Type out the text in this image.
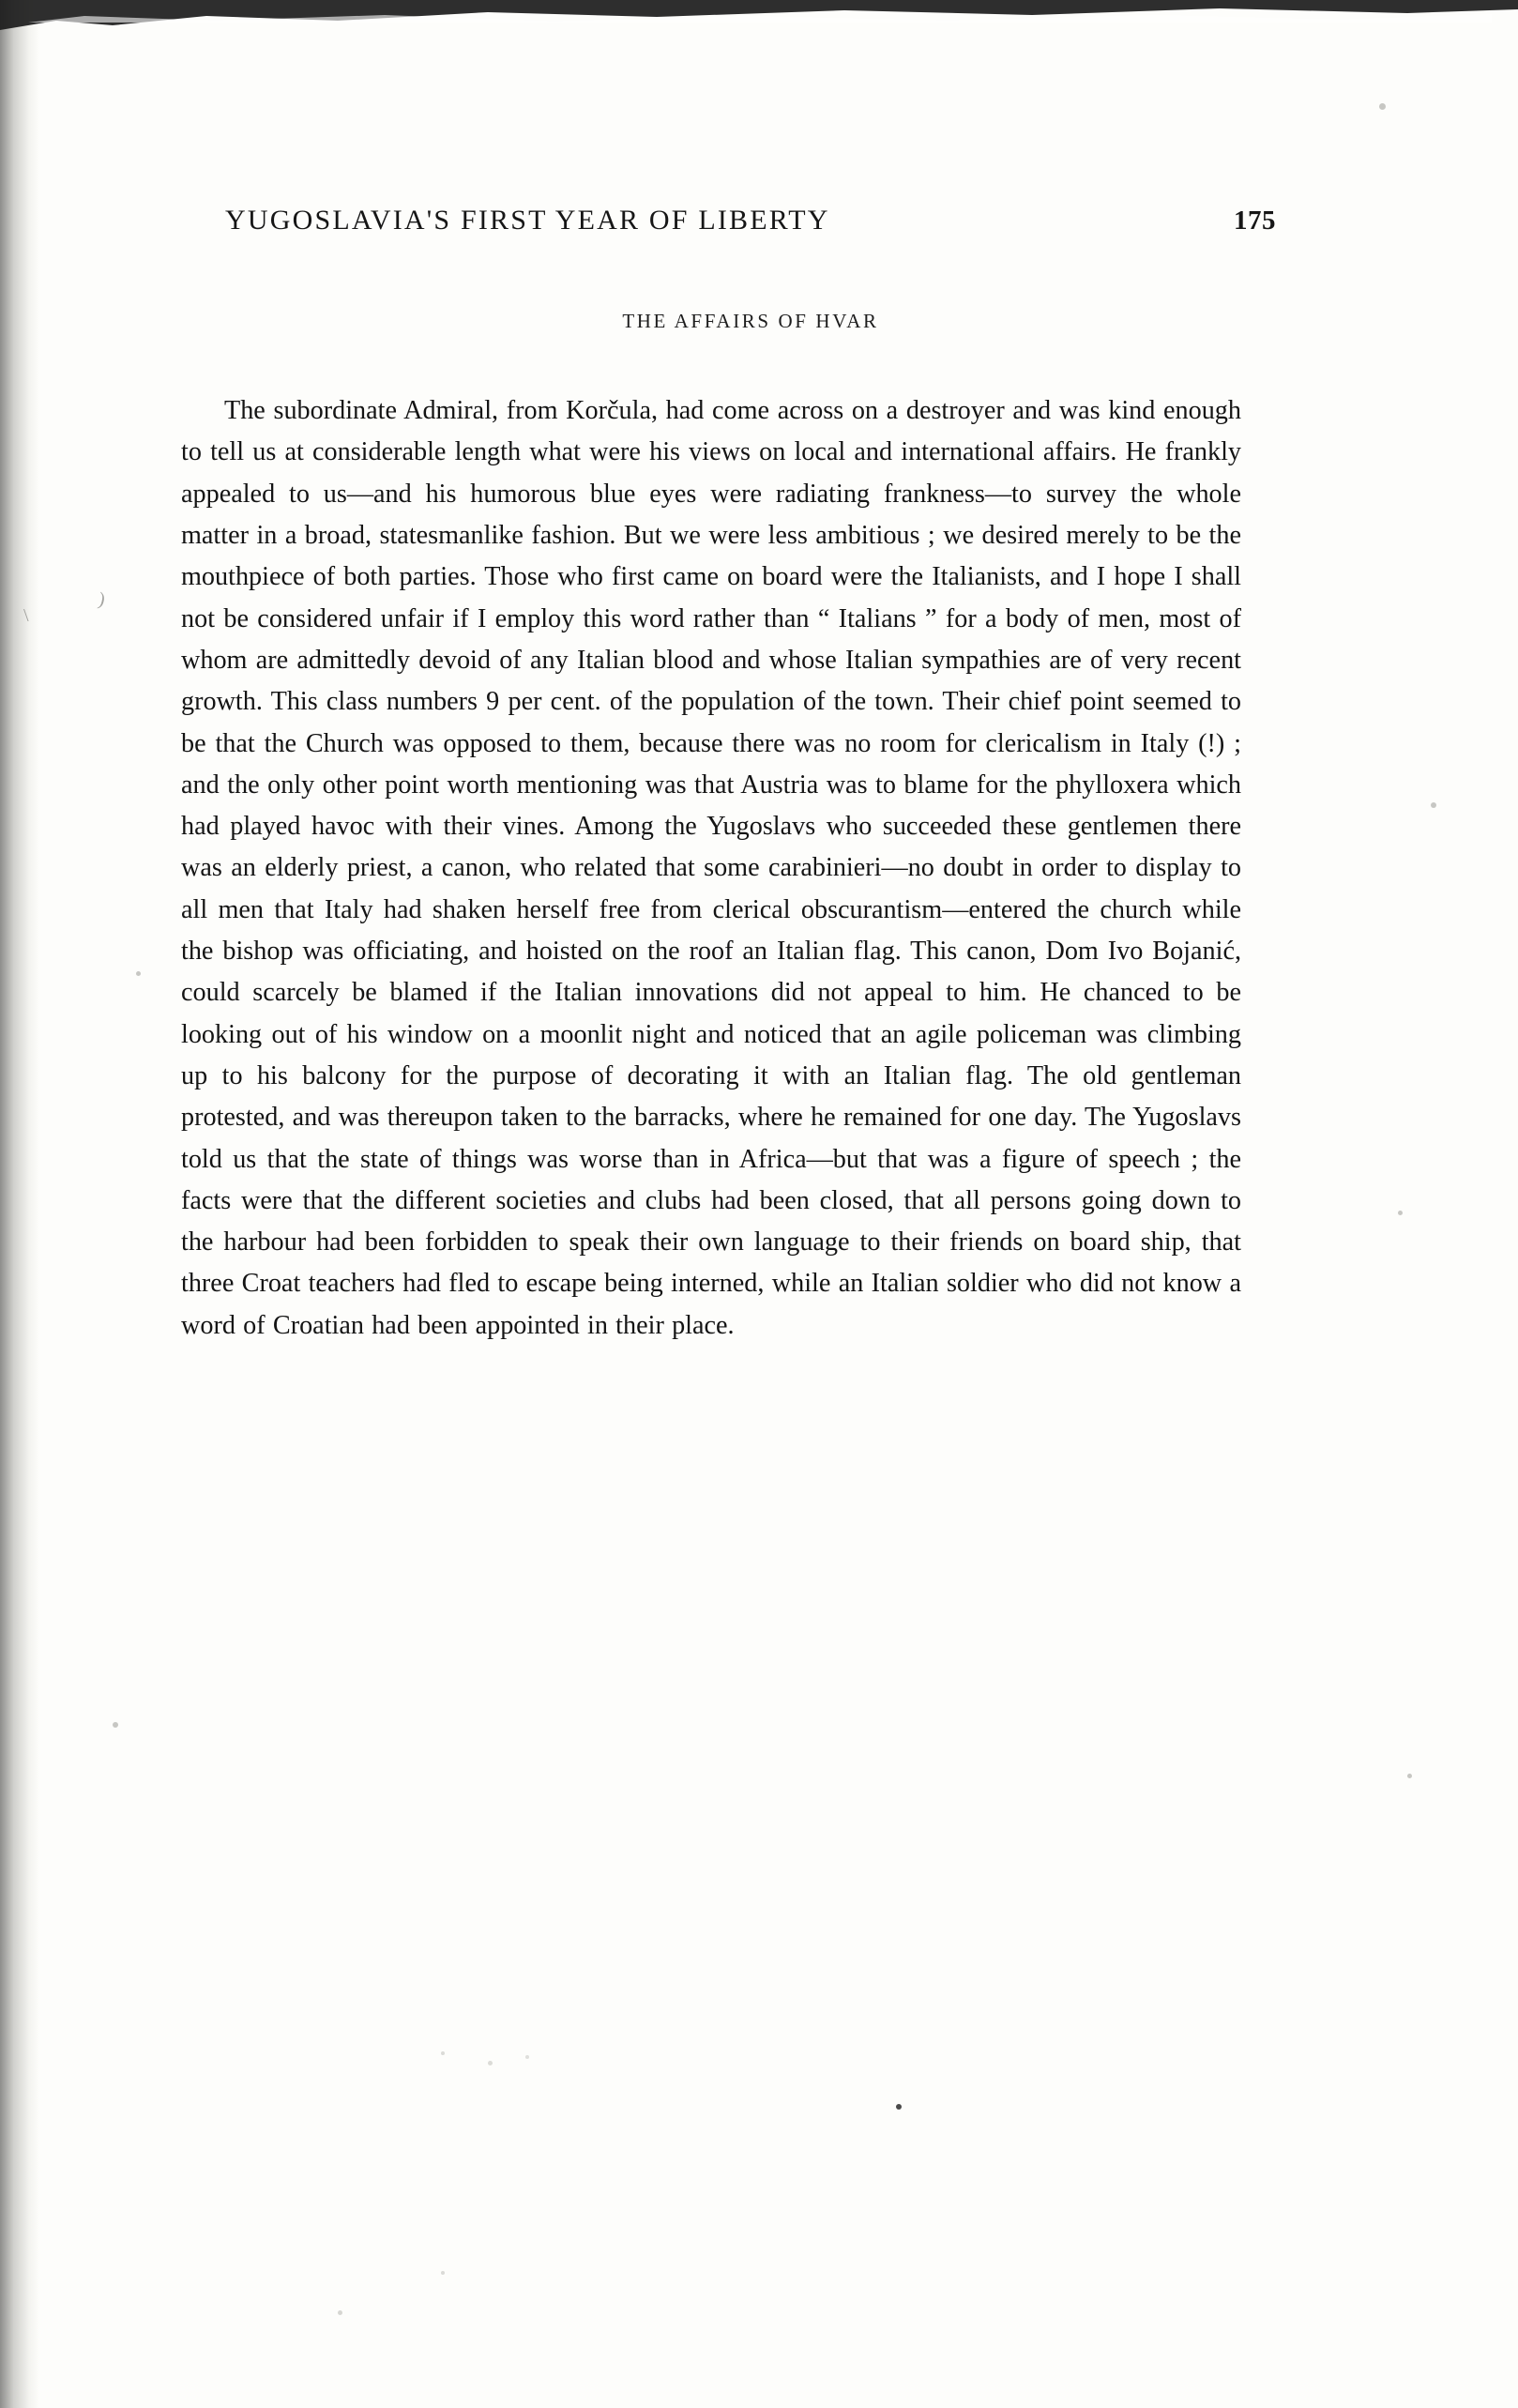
YUGOSLAVIA'S FIRST YEAR OF LIBERTY	175
THE AFFAIRS OF HVAR

The subordinate Admiral, from Korčula, had come across on a destroyer and was kind enough to tell us at considerable length what were his views on local and international affairs. He frankly appealed to us—and his humorous blue eyes were radiating frankness—to survey the whole matter in a broad, statesmanlike fashion. But we were less ambitious ; we desired merely to be the mouthpiece of both parties. Those who first came on board were the Italianists, and I hope I shall not be considered unfair if I employ this word rather than “ Italians ” for a body of men, most of whom are admittedly devoid of any Italian blood and whose Italian sympathies are of very recent growth. This class numbers 9 per cent. of the population of the town. Their chief point seemed to be that the Church was opposed to them, because there was no room for clericalism in Italy (!) ; and the only other point worth mentioning was that Austria was to blame for the phylloxera which had played havoc with their vines. Among the Yugoslavs who succeeded these gentlemen there was an elderly priest, a canon, who related that some carabinieri—no doubt in order to display to all men that Italy had shaken herself free from clerical obscurantism—entered the church while the bishop was officiating, and hoisted on the roof an Italian flag. This canon, Dom Ivo Bojanić, could scarcely be blamed if the Italian innovations did not appeal to him. He chanced to be looking out of his window on a moonlit night and noticed that an agile policeman was climbing up to his balcony for the purpose of decorating it with an Italian flag. The old gentleman protested, and was thereupon taken to the barracks, where he remained for one day. The Yugoslavs told us that the state of things was worse than in Africa—but that was a figure of speech ; the facts were that the different societies and clubs had been closed, that all persons going down to the harbour had been forbidden to speak their own language to their friends on board ship, that three Croat teachers had fled to escape being interned, while an Italian soldier who did not know a word of Croatian had been appointed in their place.

\
)
